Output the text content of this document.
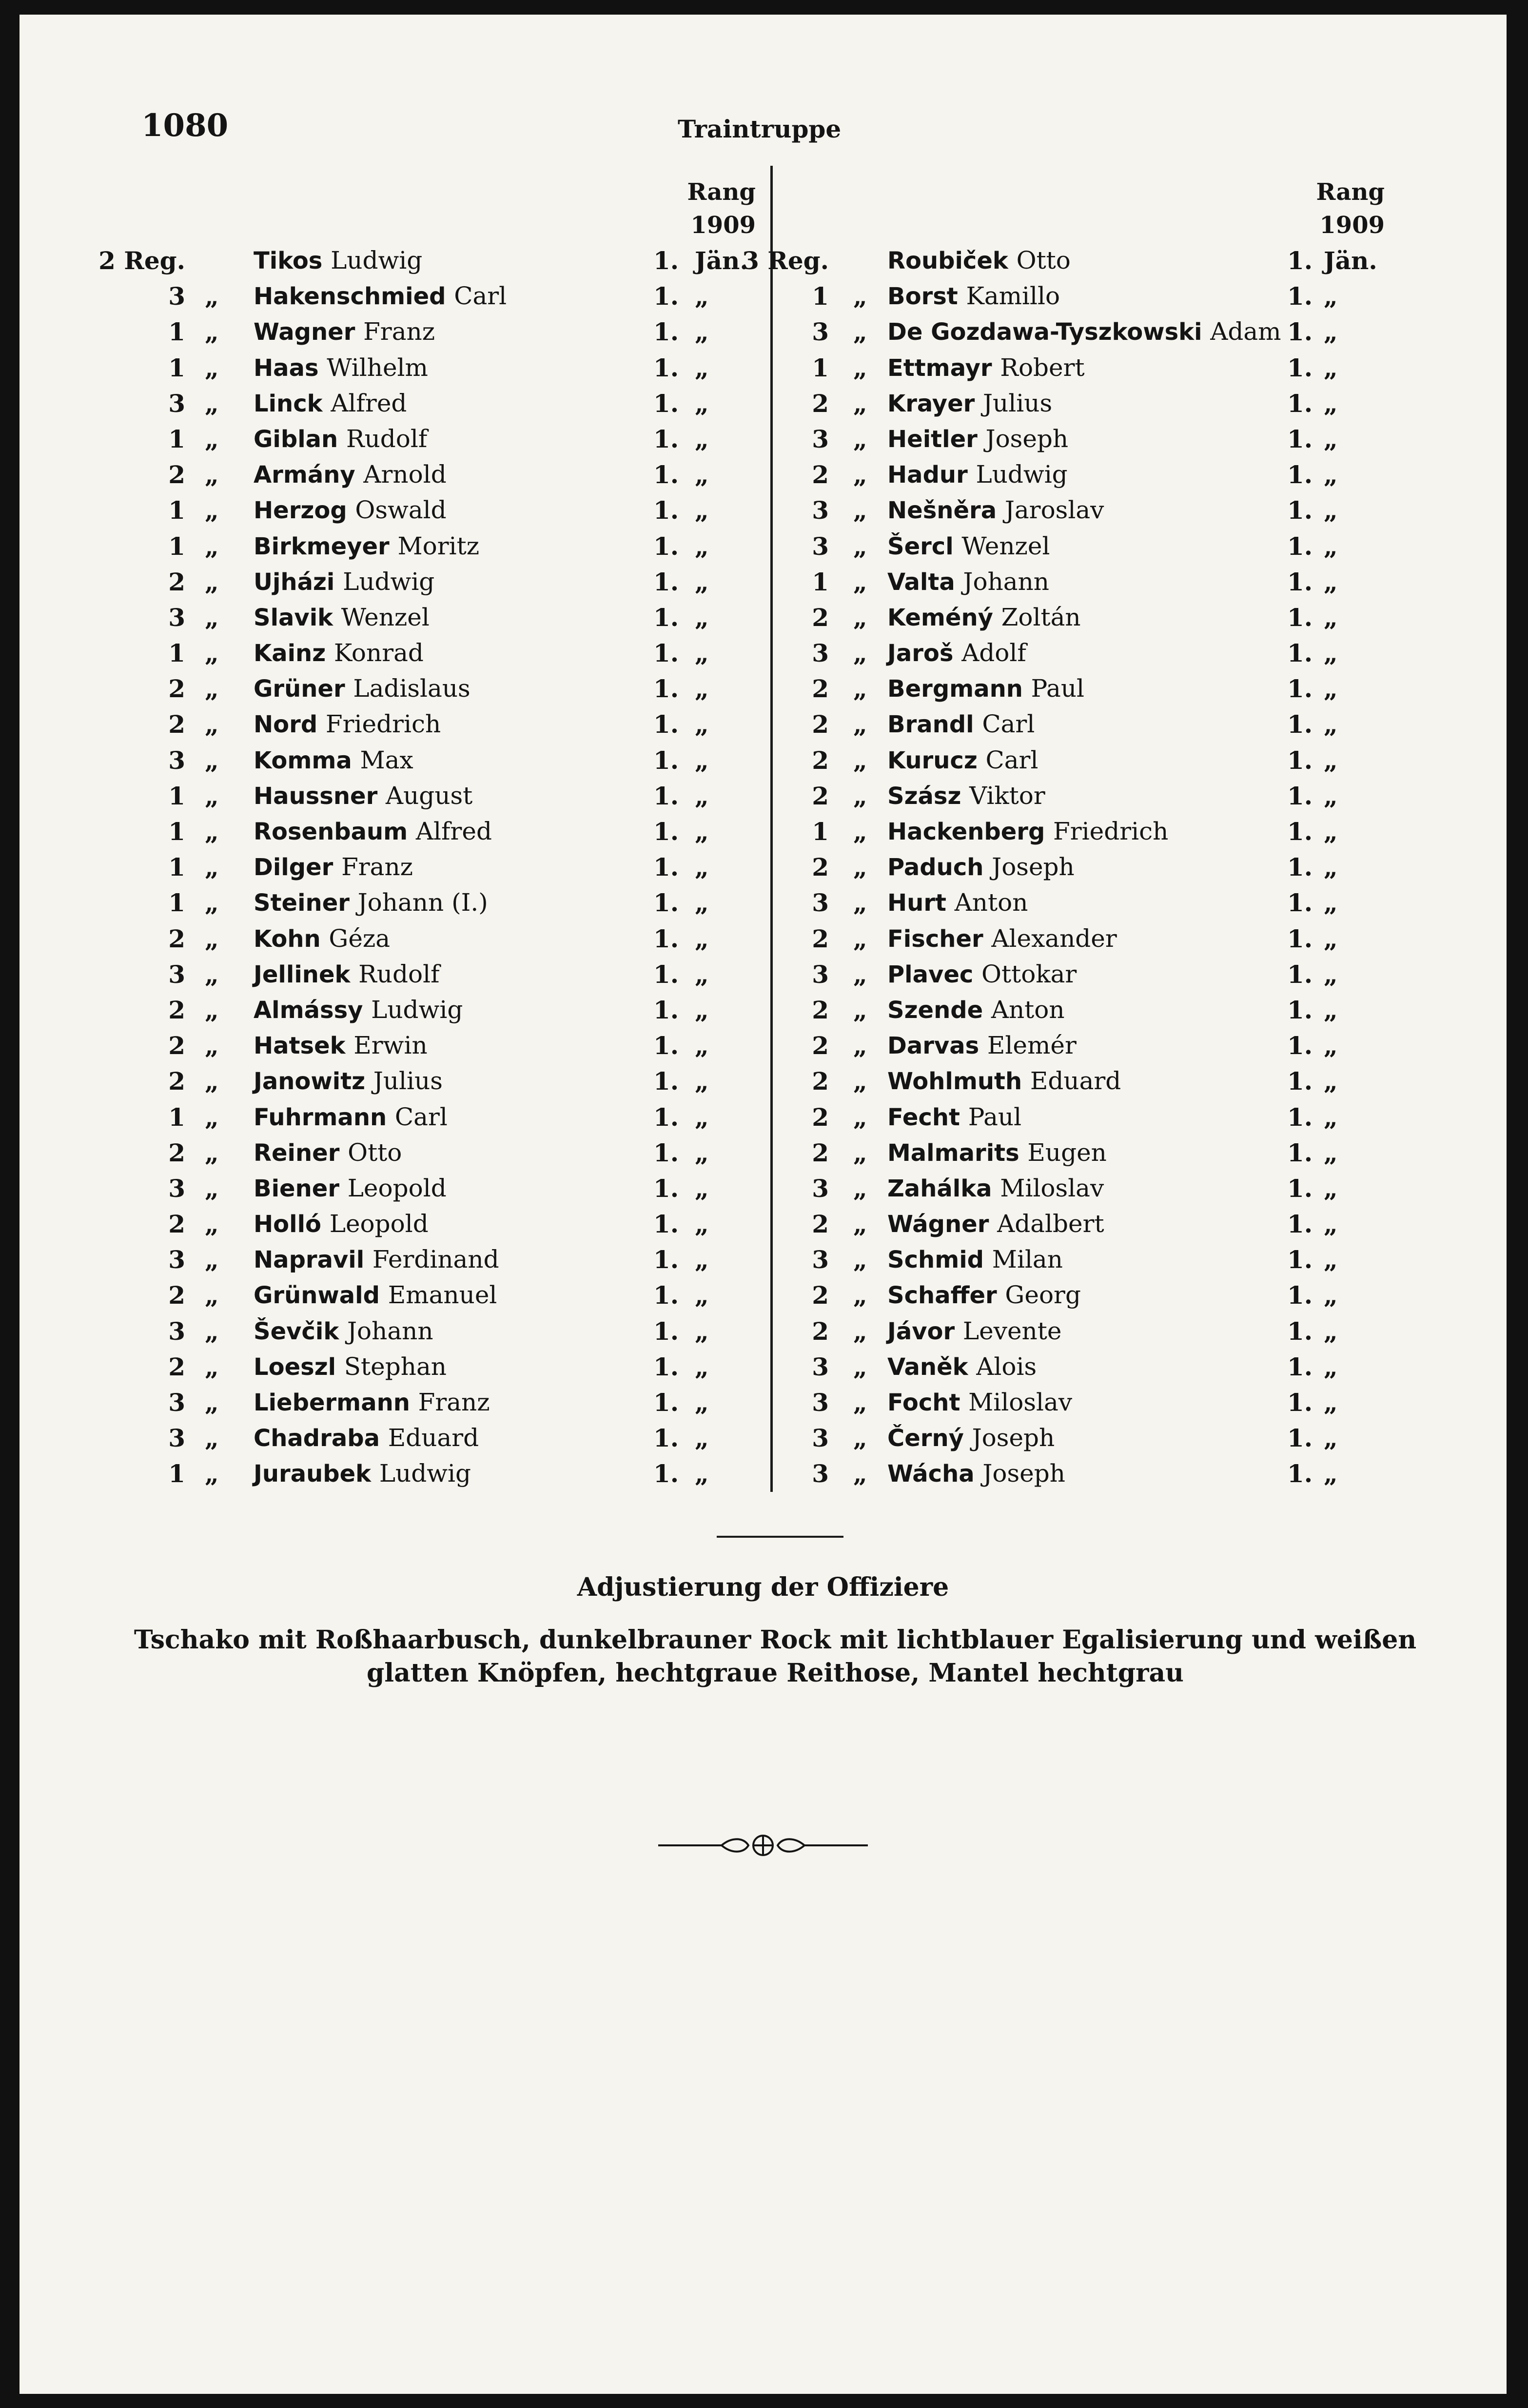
1080	Traintruppe
Rang
1909
Rang
1909
2 Reg.	Tikos Ludwig	1. Jän.
3 „ Hakenschmied Carl	1. „
1 „ Wagner Franz	1. „
1 „ Haas Wilhelm	1. „
3 „ Linck Alfred	1. „
1 „ Giblan Rudolf	1. „
2 „ Armány Arnold	1. „
1 „ Herzog Oswald	1. „
1 „ Birkmeyer Moritz	1. „
2 „ Ujházi Ludwig	1. „
3 „ Slavik Wenzel	1. „
1 „ Kainz Konrad	1. „
2 „ Grüner Ladislaus	1. „
2 „ Nord Friedrich	1. „
3 „ Komma Max	1. „
1 „ Haussner August	1. „
1 „ Rosenbaum Alfred	1. „
1 „ Dilger Franz	1. „
1 „ Steiner Johann (I.)	1. „
2 „ Kohn Géza	1. „
3 „ Jellinek Rudolf	1. „
2 „ Almássy Ludwig	1. „
2 „ Hatsek Erwin	1. „
2 „ Janowitz Julius	1. „
1 „ Fuhrmann Carl	1. „
2 „ Reiner Otto	1. „
3 „ Biener Leopold	1. „
2 „ Holló Leopold	1. „
3 „ Napravil Ferdinand	1. „
2 „ Grünwald Emanuel	1. „
3 „ Ševčik Johann	1. „
2 „ Loeszl Stephan	1. „
3 „ Liebermann Franz	1. „
3 „ Chadraba Eduard	1. „
1 „ Juraubek Ludwig	1. „
3 Reg.	Roubiček Otto	1. Jän.
1 „ Borst Kamillo	1. „
3 „ De Gozdawa-Tyszkowski Adam 1. „
1 „ Ettmayr Robert	1. „
2 „ Krayer Julius	1. „
3 „ Heitler Joseph	1. „
2 „ Hadur Ludwig	1. „
3 „ Nešněra Jaroslav	1. „
3 „ Šercl Wenzel	1. „
1 „ Valta Johann	1. „
2 „ Keméný Zoltán	1. „
3 „ Jaroš Adolf	1. „
2 „ Bergmann Paul	1. „
2 „ Brandl Carl	1. „
2 „ Kurucz Carl	1. „
2 „ Szász Viktor	1. „
1 „ Hackenberg Friedrich	1. „
2 „ Paduch Joseph	1. „
3 „ Hurt Anton	1. „
2 „ Fischer Alexander	1. „
3 „ Plavec Ottokar	1. „
2 „ Szende Anton	1. „
2 „ Darvas Elemér	1. „
2 „ Wohlmuth Eduard	1. „
2 „ Fecht Paul	1. „
2 „ Malmarits Eugen	1. „
3 „ Zahálka Miloslav	1. „
2 „ Wágner Adalbert	1. „
3 „ Schmid Milan	1. „
2 „ Schaffer Georg	1. „
2 „ Jávor Levente	1. „
3 „ Vaněk Alois	1. „
3 „ Focht Miloslav	1. „
3 „ Černý Joseph	1. „
3 „ Wácha Joseph	1. „
Adjustierung der Offiziere
Tschako mit Roßhaarbusch, dunkelbrauner Rock mit lichtblauer Egalisierung und weißen glatten Knöpfen, hechtgraue Reithose, Mantel hechtgrau
